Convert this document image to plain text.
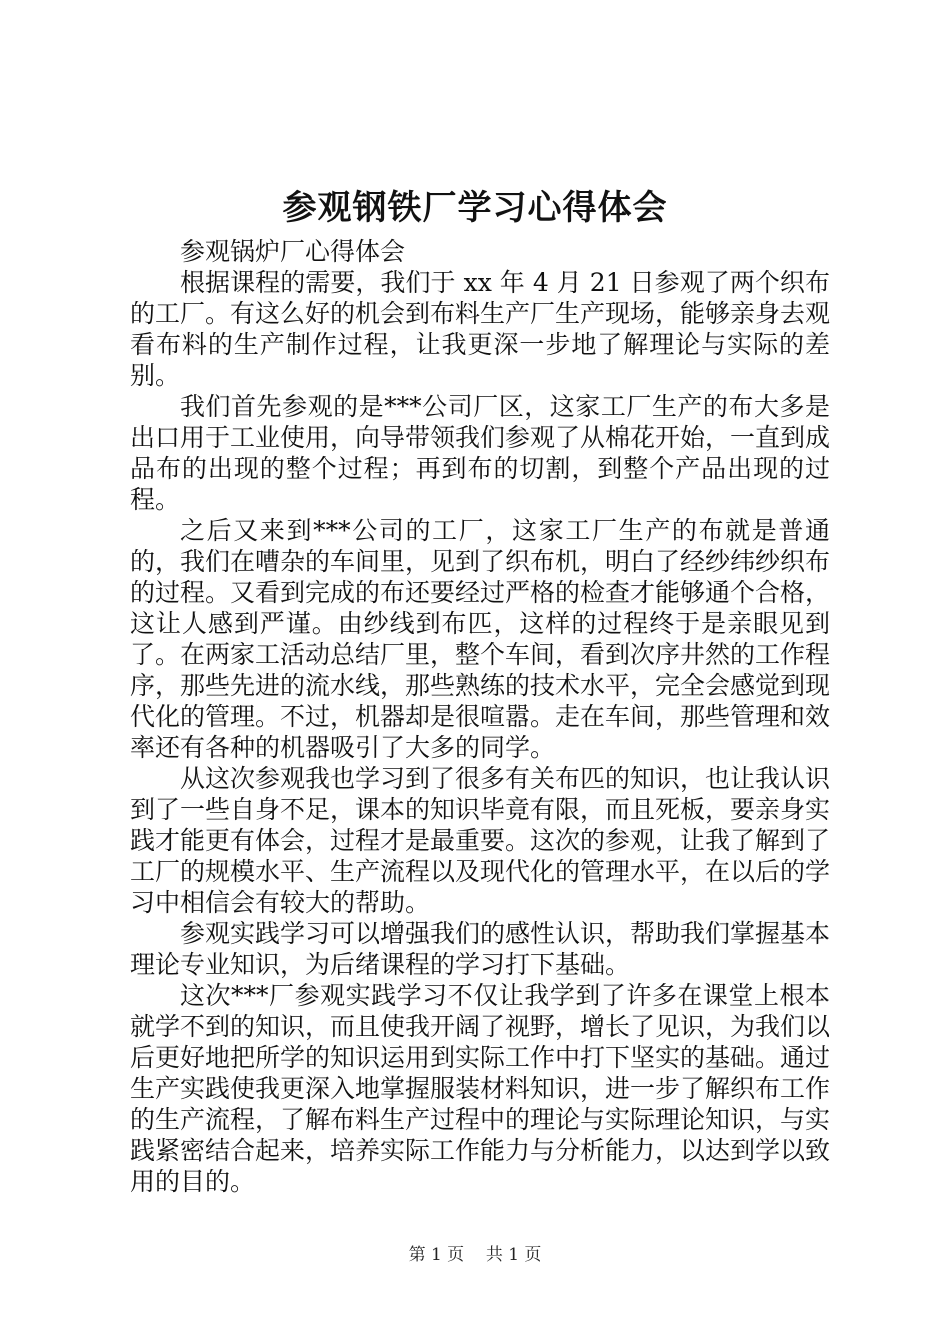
参观钢铁厂学习心得体会

参观锅炉厂心得体会

根据课程的需要，我们于 xx 年 4 月 21 日参观了两个织布的工厂。有这么好的机会到布料生产厂生产现场，能够亲身去观看布料的生产制作过程，让我更深一步地了解理论与实际的差别。

我们首先参观的是***公司厂区，这家工厂生产的布大多是出口用于工业使用，向导带领我们参观了从棉花开始，一直到成品布的出现的整个过程；再到布的切割，到整个产品出现的过程。

之后又来到***公司的工厂，这家工厂生产的布就是普通的，我们在嘈杂的车间里，见到了织布机，明白了经纱纬纱织布的过程。又看到完成的布还要经过严格的检查才能够通个合格，这让人感到严谨。由纱线到布匹，这样的过程终于是亲眼见到了。在两家工活动总结厂里，整个车间，看到次序井然的工作程序，那些先进的流水线，那些熟练的技术水平，完全会感觉到现代化的管理。不过，机器却是很喧嚣。走在车间，那些管理和效率还有各种的机器吸引了大多的同学。

从这次参观我也学习到了很多有关布匹的知识，也让我认识到了一些自身不足，课本的知识毕竟有限，而且死板，要亲身实践才能更有体会，过程才是最重要。这次的参观，让我了解到了工厂的规模水平、生产流程以及现代化的管理水平，在以后的学习中相信会有较大的帮助。

参观实践学习可以增强我们的感性认识，帮助我们掌握基本理论专业知识，为后绪课程的学习打下基础。

这次***厂参观实践学习不仅让我学到了许多在课堂上根本就学不到的知识，而且使我开阔了视野，增长了见识，为我们以后更好地把所学的知识运用到实际工作中打下坚实的基础。通过生产实践使我更深入地掌握服装材料知识，进一步了解织布工作的生产流程，了解布料生产过程中的理论与实际理论知识，与实践紧密结合起来，培养实际工作能力与分析能力，以达到学以致用的目的。

第 1 页 共 1 页
